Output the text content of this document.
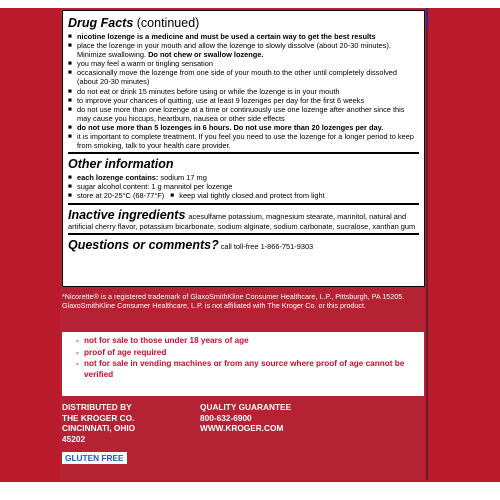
Drug Facts (continued)
■ nicotine lozenge is a medicine and must be used a certain way to get the best results
■ place the lozenge in your mouth and allow the lozenge to slowly dissolve (about 20-30 minutes). Minimize swallowing. Do not chew or swallow lozenge.
■ you may feel a warm or tingling sensation
■ occasionally move the lozenge from one side of your mouth to the other until completely dissolved (about 20-30 minutes)
■ do not eat or drink 15 minutes before using or while the lozenge is in your mouth
■ to improve your chances of quitting, use at least 9 lozenges per day for the first 6 weeks
■ do not use more than one lozenge at a time or continuously use one lozenge after another since this may cause you hiccups, heartburn, nausea or other side effects
■ do not use more than 5 lozenges in 6 hours. Do not use more than 20 lozenges per day.
■ it is important to complete treatment. If you feel you need to use the lozenge for a longer period to keep from smoking, talk to your health care provider.
Other information
■ each lozenge contains: sodium 17 mg
■ sugar alcohol content: 1 g mannitol per lozenge
■ store at 20-25°C (68-77°F)
■	keep vial tightly closed and protect from light
Inactive ingredients acesulfame potassium, magnesium stearate, mannitol, natural and artificial cherry flavor, potassium bicarbonate, sodium alginate, sodium carbonate, sucralose, xanthan gum
Questions or comments? call toll-free 1-866-751-9303
*Nicorette® is a registered trademark of GlaxoSmithKline Consumer Healthcare, L.P., Pittsburgh, PA 15205. GlaxoSmithKline Consumer Healthcare, L.P. is not affiliated with The Kroger Co. or this product.
- not for sale to those under 18 years of age
- proof of age required
- not for sale in vending machines or from any source where proof of age cannot be verified
DISTRIBUTED BY
THE KROGER CO.
CINCINNATI, OHIO
45202
QUALITY GUARANTEE
800-632-6900
WWW.KROGER.COM
GLUTEN FREE
